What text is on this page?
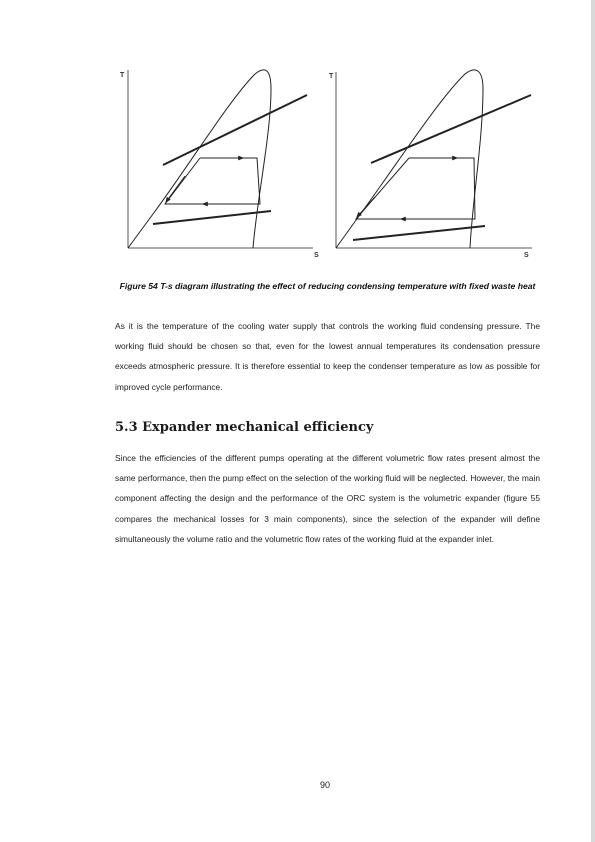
T
S
T
S
Figure 54 T-s diagram illustrating the effect of reducing condensing temperature with fixed waste heat
As it is the temperature of the cooling water supply that controls the working fluid condensing pressure. The working fluid should be chosen so that, even for the lowest annual temperatures its condensation pressure exceeds atmospheric pressure. It is therefore essential to keep the condenser temperature as low as possible for improved cycle performance.
5.3 Expander mechanical efficiency
Since the efficiencies of the different pumps operating at the different volumetric flow rates present almost the same performance, then the pump effect on the selection of the working fluid will be neglected. However, the main component affecting the design and the performance of the ORC system is the volumetric expander (figure 55 compares the mechanical losses for 3 main components), since the selection of the expander will define simultaneously the volume ratio and the volumetric flow rates of the working fluid at the expander inlet.
90
